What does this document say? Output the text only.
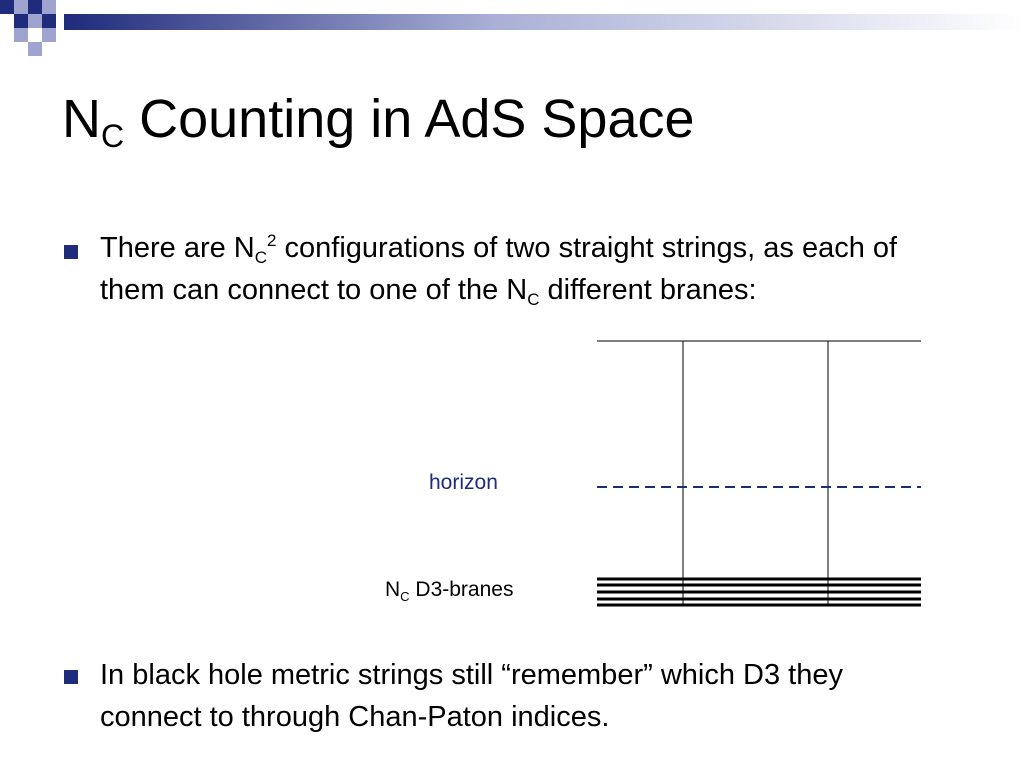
$N_C$ Counting in AdS Space

There are $N_C^2$ configurations of two straight strings, as each of them can connect to one of the $N_C$ different branes:

horizon
$N_C$ D3-branes

In black hole metric strings still “remember” which D3 they connect to through Chan-Paton indices.
